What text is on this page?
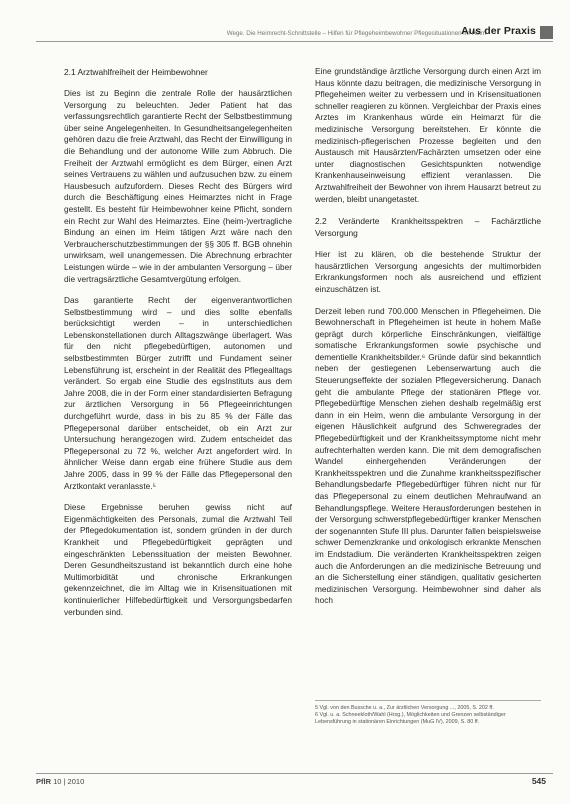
Wege. Die Heimrecht-Schnittstelle – Hilfen für Pflegeheimbewohner Pflegesituationen im Heim
Aus der Praxis
2.1 Arztwahlfreiheit der Heimbewohner

Dies ist zu Beginn die zentrale Rolle der hausärztlichen Versorgung zu beleuchten. Jeder Patient hat das verfassungsrechtlich garantierte Recht der Selbstbestimmung über seine Angelegenheiten. In Gesundheitsangelegenheiten gehören dazu die freie Arztwahl, das Recht der Einwilligung in die Behandlung und der autonome Wille zum Abbruch. Die Freiheit der Arztwahl ermöglicht es dem Bürger, einen Arzt seines Vertrauens zu wählen und aufzusuchen bzw. zu einem Hausbesuch aufzufordern. Dieses Recht des Bürgers wird durch die Beschäftigung eines Heimarztes nicht in Frage gestellt. Es besteht für Heimbewohner keine Pflicht, sondern ein Recht zur Wahl des Heimarztes. Eine (heim-)vertragliche Bindung an einen im Heim tätigen Arzt wäre nach den Verbraucherschutzbestimmungen der §§ 305 ff. BGB ohnehin unwirksam, weil unangemessen. Die Abrechnung erbrachter Leistungen würde – wie in der ambulanten Versorgung – über die vertragsärztliche Gesamtvergütung erfolgen.

Das garantierte Recht der eigenverantwortlichen Selbstbestimmung wird – und dies sollte ebenfalls berücksichtigt werden – in unterschiedlichen Lebenskonstellationen durch Alltagszwänge überlagert. Was für den nicht pflegebedürftigen, autonomen und selbstbestimmten Bürger zutrifft und Fundament seiner Lebensführung ist, erscheint in der Realität des Pflegealltags verändert. So ergab eine Studie des egsInstituts aus dem Jahre 2008, die in der Form einer standardisierten Befragung zur ärztlichen Versorgung in 56 Pflegeeinrichtungen durchgeführt wurde, dass in bis zu 85 % der Fälle das Pflegepersonal darüber entscheidet, ob ein Arzt zur Untersuchung herangezogen wird. Zudem entscheidet das Pflegepersonal zu 72 %, welcher Arzt angefordert wird. In ähnlicher Weise dann ergab eine frühere Studie aus dem Jahre 2005, dass in 99 % der Fälle das Pflegepersonal den Arztkontakt veranlasste.⁵

Diese Ergebnisse beruhen gewiss nicht auf Eigenmächtigkeiten des Personals, zumal die Arztwahl Teil der Pflegedokumentation ist, sondern gründen in der durch Krankheit und Pflegebedürftigkeit geprägten und eingeschränkten Lebenssituation der meisten Bewohner. Deren Gesundheitszustand ist bekanntlich durch eine hohe Multimorbidität und chronische Erkrankungen gekennzeichnet, die im Alltag wie in Krisensituationen mit kontinuierlicher Hilfebedürftigkeit und Versorgungsbedarfen verbunden sind.

Eine grundständige ärztliche Versorgung durch einen Arzt im Haus könnte dazu beitragen, die medizinische Versorgung in Pflegeheimen weiter zu verbessern und in Krisensituationen schneller reagieren zu können. Vergleichbar der Praxis eines Arztes im Krankenhaus würde ein Heimarzt für die medizinische Versorgung bereitstehen. Er könnte die medizinisch-pflegerischen Prozesse begleiten und den Austausch mit Hausärzten/Fachärzten umsetzen oder eine unter diagnostischen Gesichtspunkten notwendige Krankenhauseinweisung effizient veranlassen. Die Arztwahlfreiheit der Bewohner von ihrem Hausarzt betreut zu werden, bleibt unangetastet.

2.2 Veränderte Krankheitsspektren – Fachärztliche Versorgung

Hier ist zu klären, ob die bestehende Struktur der hausärztlichen Versorgung angesichts der multimorbiden Erkrankungsformen noch als ausreichend und effizient einzuschätzen ist.

Derzeit leben rund 700.000 Menschen in Pflegeheimen. Die Bewohnerschaft in Pflegeheimen ist heute in hohem Maße geprägt durch körperliche Einschränkungen, vielfältige somatische Erkrankungsformen sowie psychische und dementielle Krankheitsbilder.⁶ Gründe dafür sind bekanntlich neben der gestiegenen Lebenserwartung auch die Steuerungseffekte der sozialen Pflegeversicherung. Danach geht die ambulante Pflege der stationären Pflege vor. Pflegebedürftige Menschen ziehen deshalb regelmäßig erst dann in ein Heim, wenn die ambulante Versorgung in der eigenen Häuslichkeit aufgrund des Schweregrades der Pflegebedürftigkeit und der Krankheitssymptome nicht mehr aufrechterhalten werden kann. Die mit dem demografischen Wandel einhergehenden Veränderungen der Krankheitsspektren und die Zunahme krankheitsspezifischer Behandlungsbedarfe Pflegebedürftiger führen nicht nur für das Pflegepersonal zu einem deutlichen Mehraufwand an Behandlungspflege. Weitere Herausforderungen bestehen in der Versorgung schwerstpflegebedürftiger kranker Menschen der sogenannten Stufe III plus. Darunter fallen beispielsweise schwer Demenzkranke und onkologisch erkrankte Menschen im Endstadium. Die veränderten Krankheitsspektren zeigen auch die Anforderungen an die medizinische Betreuung und an die Sicherstellung einer ständigen, qualitativ gesicherten medizinischen Versorgung. Heimbewohner sind daher als hoch

5 Vgl. von den Bussche u. a., Zur ärztlichen Versorgung ..., 2005, S. 202 ff.
6 Vgl. u. a. Schneekloth/Wahl (Hrsg.), Möglichkeiten und Grenzen selbständiger Lebensführung in stationären Einrichtungen (MuG IV), 2009, S. 80 ff.
PflR 10 | 2010	545
